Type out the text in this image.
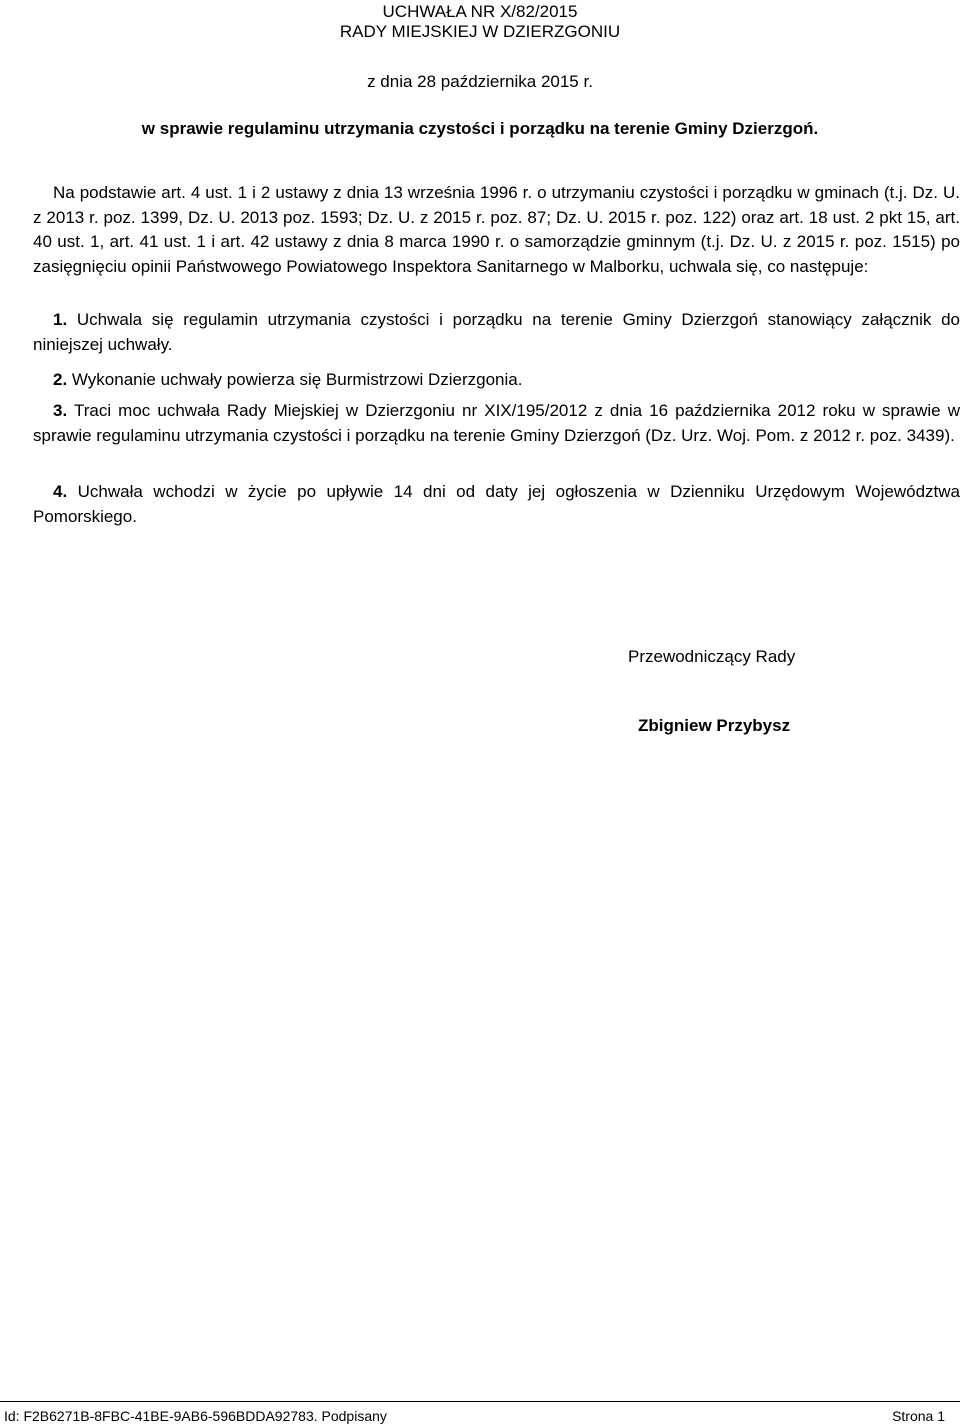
UCHWAŁA NR X/82/2015
RADY MIEJSKIEJ W DZIERZGONIU
z dnia 28 października 2015 r.
w sprawie regulaminu utrzymania czystości i porządku na terenie Gminy Dzierzgoń.

Na podstawie art. 4 ust. 1 i 2 ustawy z dnia 13 września 1996 r. o utrzymaniu czystości i porządku w gminach (t.j. Dz. U. z 2013 r. poz. 1399, Dz. U. 2013 poz. 1593; Dz. U. z 2015 r. poz. 87; Dz. U. 2015 r. poz. 122) oraz art. 18 ust. 2 pkt 15, art. 40 ust. 1, art. 41 ust. 1 i art. 42 ustawy z dnia 8 marca 1990 r. o samorządzie gminnym (t.j. Dz. U. z 2015 r. poz. 1515) po zasięgnięciu opinii Państwowego Powiatowego Inspektora Sanitarnego w Malborku, uchwala się, co następuje:

1. Uchwala się regulamin utrzymania czystości i porządku na terenie Gminy Dzierzgoń stanowiący załącznik do niniejszej uchwały.

2. Wykonanie uchwały powierza się Burmistrzowi Dzierzgonia.

3. Traci moc uchwała Rady Miejskiej w Dzierzgoniu nr XIX/195/2012 z dnia 16 października 2012 roku w sprawie w sprawie regulaminu utrzymania czystości i porządku na terenie Gminy Dzierzgoń (Dz. Urz. Woj. Pom. z 2012 r. poz. 3439).

4. Uchwała wchodzi w życie po upływie 14 dni od daty jej ogłoszenia w Dzienniku Urzędowym Województwa Pomorskiego.

Przewodniczący Rady
Zbigniew Przybysz
Id: F2B6271B-8FBC-41BE-9AB6-596BDDA92783. Podpisany	Strona 1
